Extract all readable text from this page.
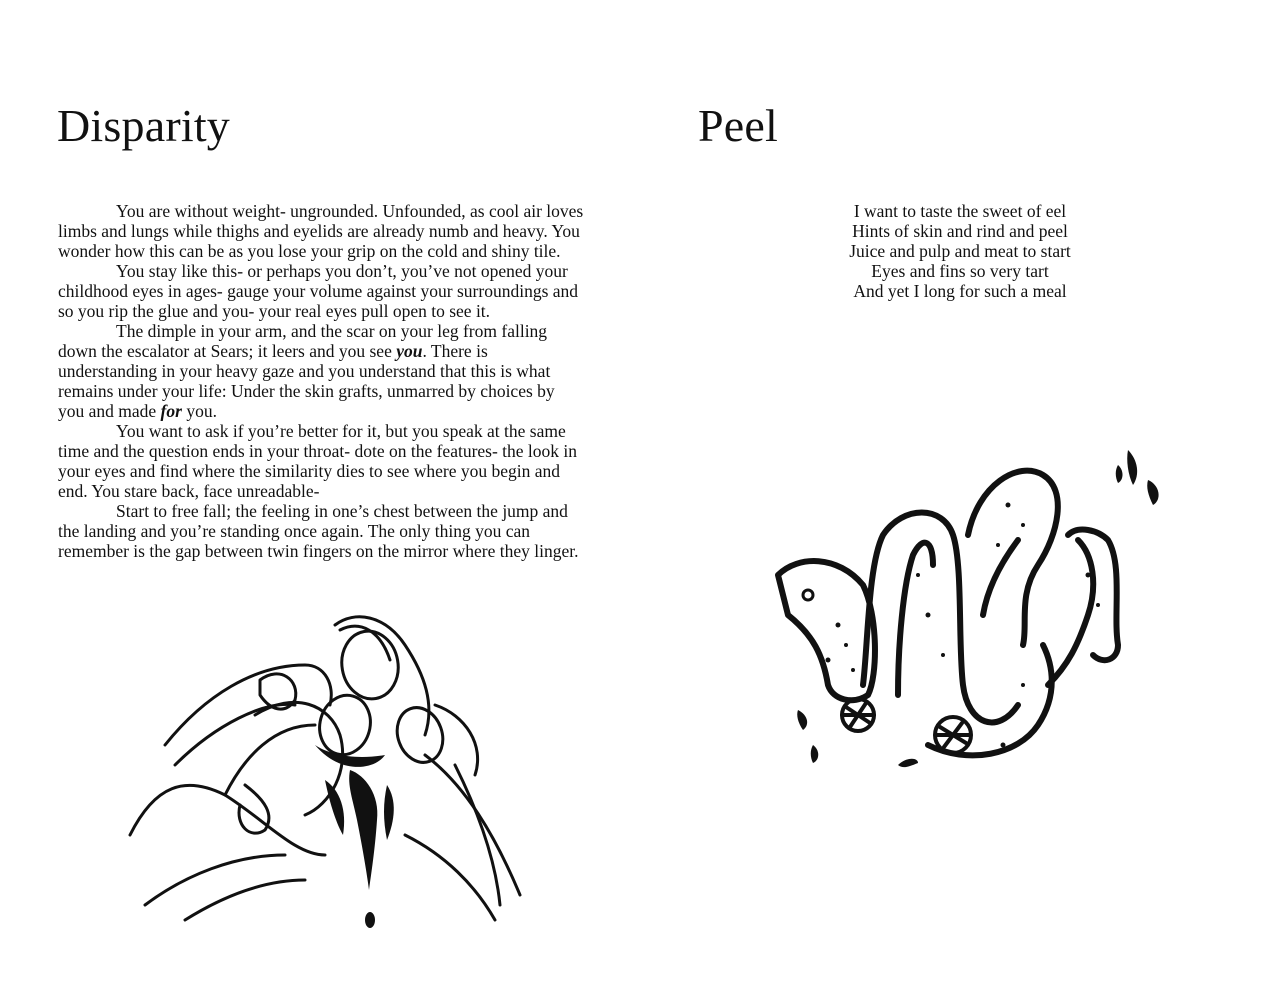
Disparity

You are without weight- ungrounded. Unfounded, as cool air loves limbs and lungs while thighs and eyelids are already numb and heavy. You wonder how this can be as you lose your grip on the cold and shiny tile.

You stay like this- or perhaps you don’t, you’ve not opened your childhood eyes in ages- gauge your volume against your surroundings and so you rip the glue and you- your real eyes pull open to see it.

The dimple in your arm, and the scar on your leg from falling down the escalator at Sears; it leers and you see you. There is understanding in your heavy gaze and you understand that this is what remains under your life: Under the skin grafts, unmarred by choices by you and made for you.

You want to ask if you’re better for it, but you speak at the same time and the question ends in your throat- dote on the features- the look in your eyes and find where the similarity dies to see where you begin and end. You stare back, face unreadable-

Start to free fall; the feeling in one’s chest between the jump and the landing and you’re standing once again. The only thing you can remember is the gap between twin fingers on the mirror where they linger.

Peel
I want to taste the sweet of eel
Hints of skin and rind and peel
Juice and pulp and meat to start
Eyes and fins so very tart
And yet I long for such a meal
